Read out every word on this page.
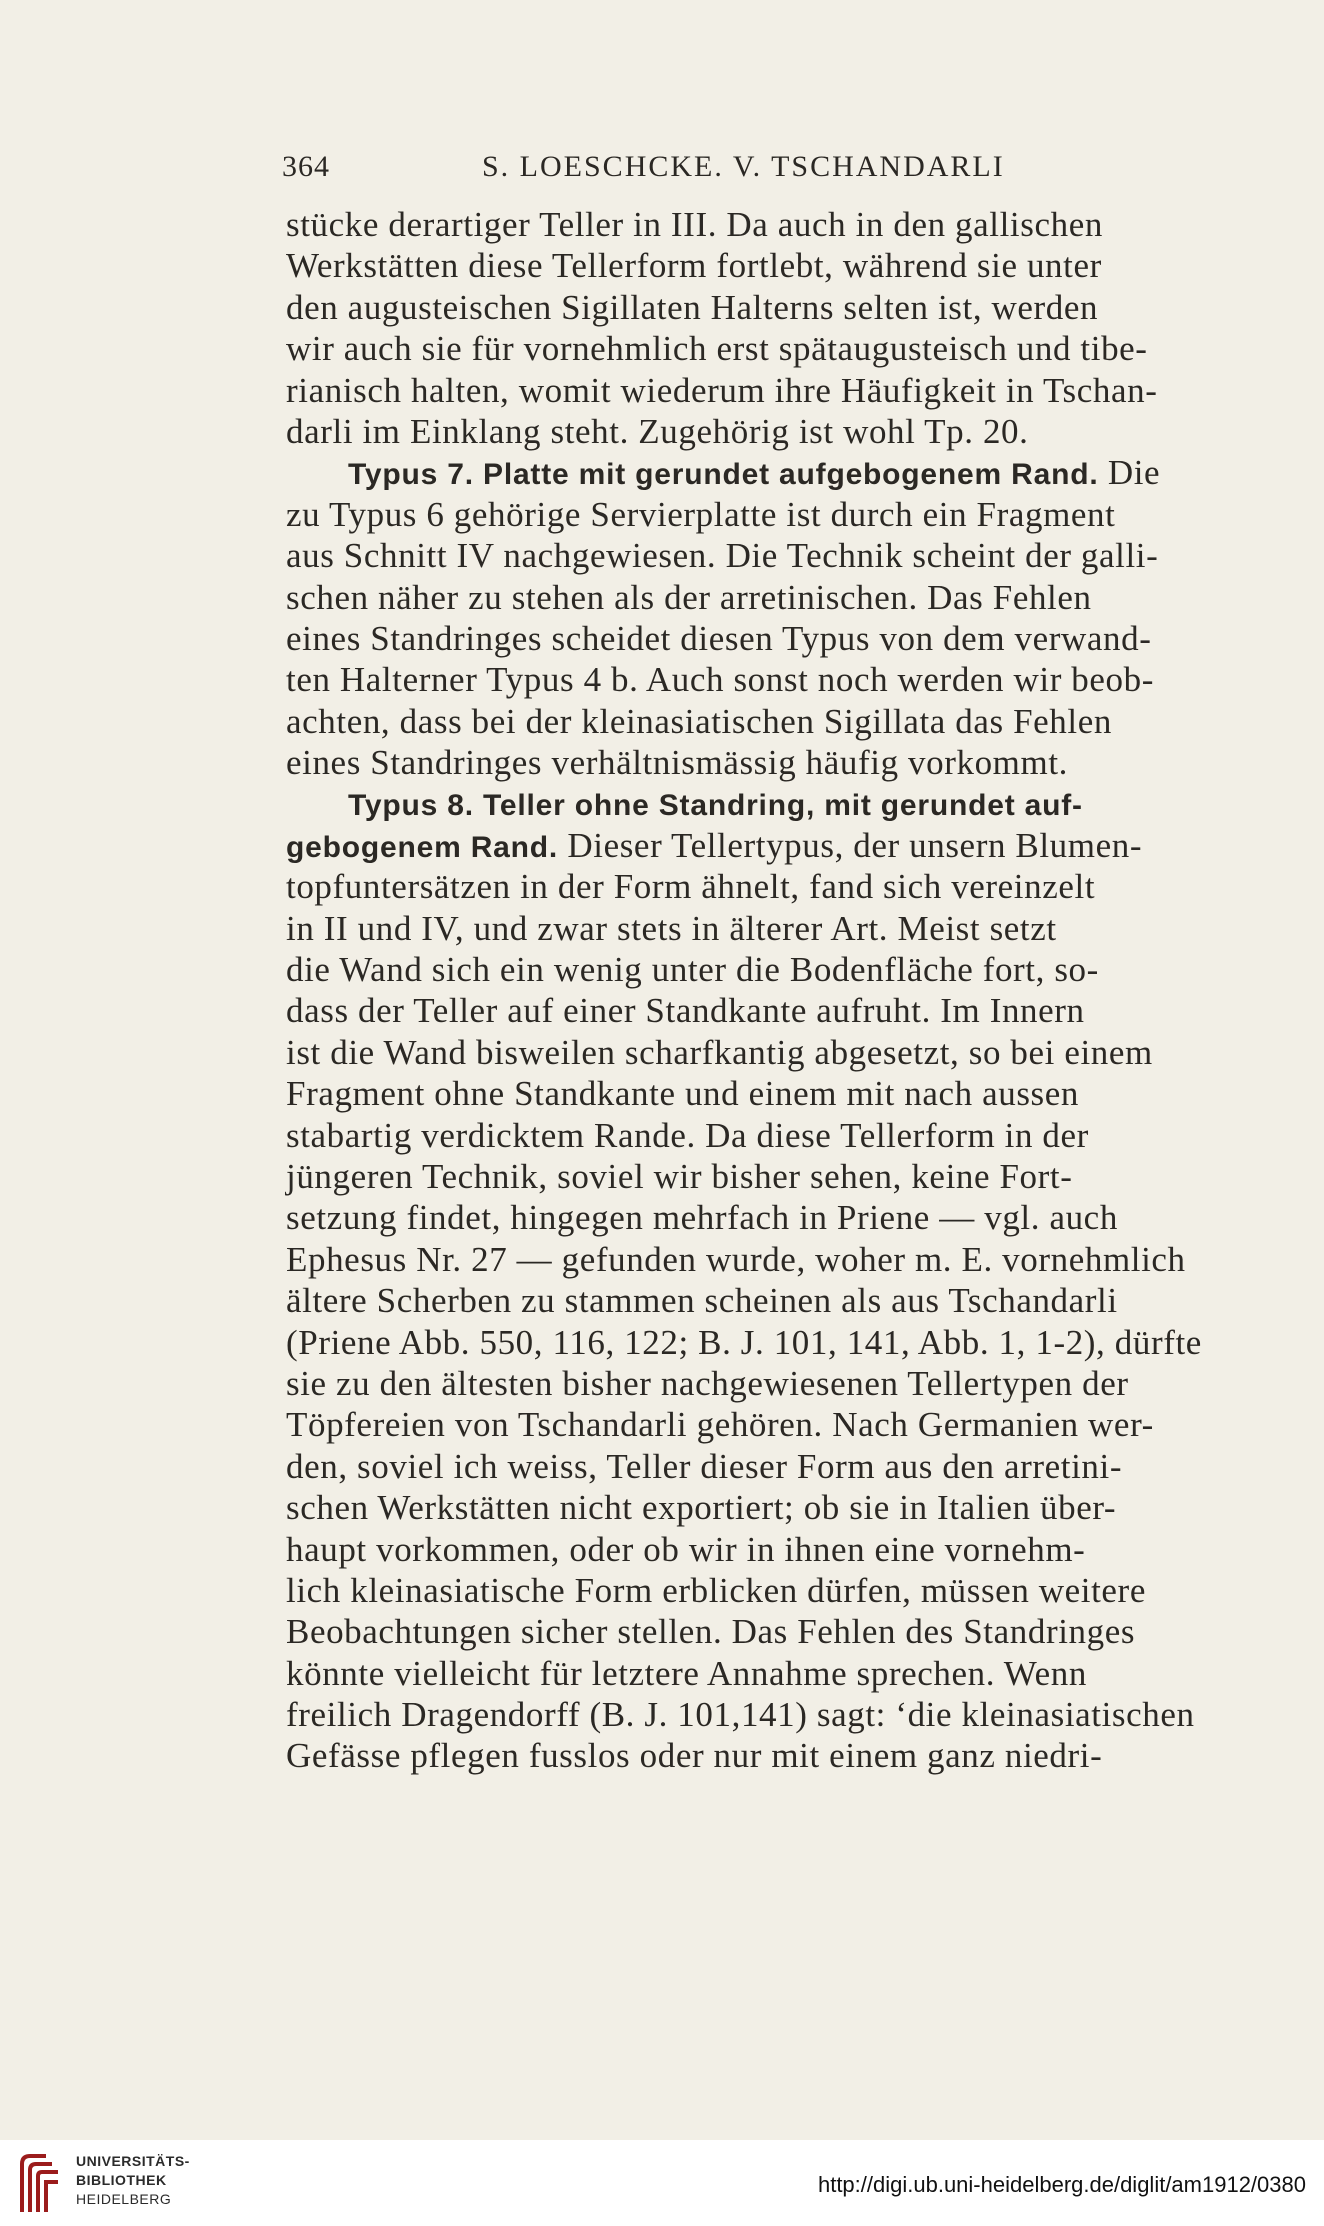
364	S. LOESCHCKE. V. TSCHANDARLI
stücke derartiger Teller in III. Da auch in den gallischen
Werkstätten diese Tellerform fortlebt, während sie unter
den augusteischen Sigillaten Halterns selten ist, werden
wir auch sie für vornehmlich erst spätaugusteisch und tibe-
rianisch halten, womit wiederum ihre Häufigkeit in Tschan-
darli im Einklang steht. Zugehörig ist wohl Tp. 20.
Typus 7. Platte mit gerundet aufgebogenem Rand. Die
zu Typus 6 gehörige Servierplatte ist durch ein Fragment
aus Schnitt IV nachgewiesen. Die Technik scheint der galli-
schen näher zu stehen als der arretinischen. Das Fehlen
eines Standringes scheidet diesen Typus von dem verwand-
ten Halterner Typus 4 b. Auch sonst noch werden wir beob-
achten, dass bei der kleinasiatischen Sigillata das Fehlen
eines Standringes verhältnismässig häufig vorkommt.
Typus 8. Teller ohne Standring, mit gerundet auf-
gebogenem Rand. Dieser Tellertypus, der unsern Blumen-
topfuntersätzen in der Form ähnelt, fand sich vereinzelt
in II und IV, und zwar stets in älterer Art. Meist setzt
die Wand sich ein wenig unter die Bodenfläche fort, so-
dass der Teller auf einer Standkante aufruht. Im Innern
ist die Wand bisweilen scharfkantig abgesetzt, so bei einem
Fragment ohne Standkante und einem mit nach aussen
stabartig verdicktem Rande. Da diese Tellerform in der
jüngeren Technik, soviel wir bisher sehen, keine Fort-
setzung findet, hingegen mehrfach in Priene — vgl. auch
Ephesus Nr. 27 — gefunden wurde, woher m. E. vornehmlich
ältere Scherben zu stammen scheinen als aus Tschandarli
(Priene Abb. 550, 116, 122; B. J. 101, 141, Abb. 1, 1-2), dürfte
sie zu den ältesten bisher nachgewiesenen Tellertypen der
Töpfereien von Tschandarli gehören. Nach Germanien wer-
den, soviel ich weiss, Teller dieser Form aus den arretini-
schen Werkstätten nicht exportiert; ob sie in Italien über-
haupt vorkommen, oder ob wir in ihnen eine vornehm-
lich kleinasiatische Form erblicken dürfen, müssen weitere
Beobachtungen sicher stellen. Das Fehlen des Standringes
könnte vielleicht für letztere Annahme sprechen. Wenn
freilich Dragendorff (B. J. 101,141) sagt: ‘die kleinasiatischen
Gefässe pflegen fusslos oder nur mit einem ganz niedri-
UNIVERSITÄTS-
BIBLIOTHEK
HEIDELBERG
http://digi.ub.uni-heidelberg.de/diglit/am1912/0380
